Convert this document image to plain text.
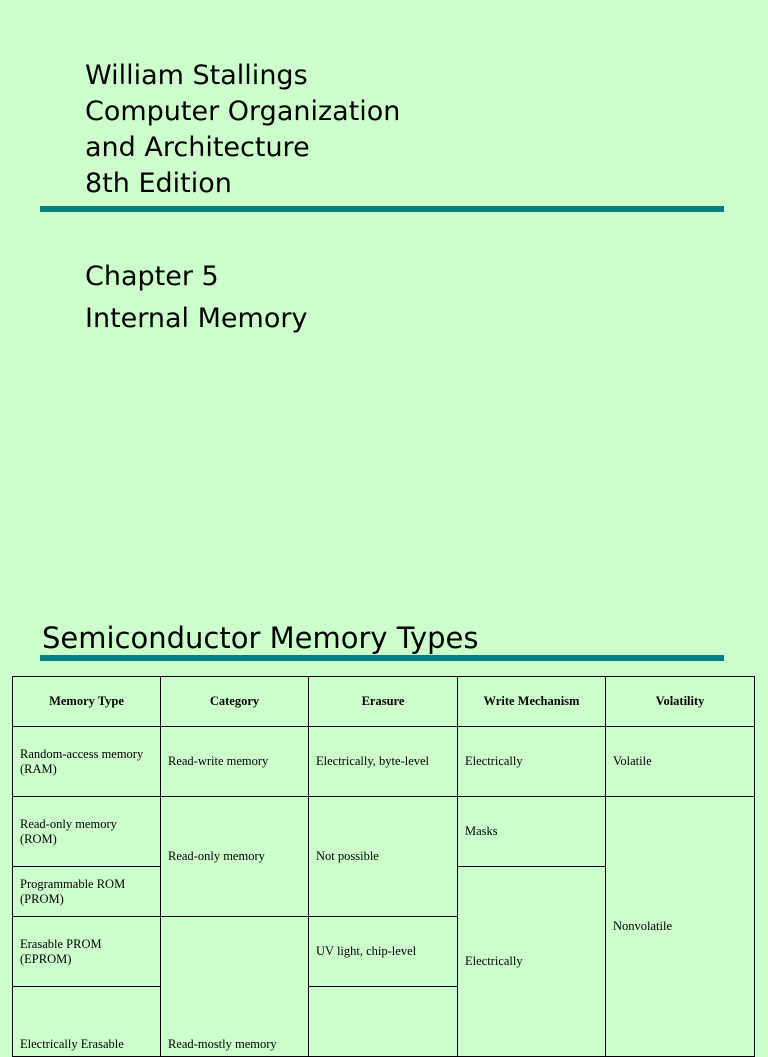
William Stallings
Computer Organization
and Architecture
8th Edition
Chapter 5
Internal Memory
Semiconductor Memory Types
Memory Type	Category	Erasure	Write Mechanism	Volatility
Random-access memory (RAM)	Read-write memory	Electrically, byte-level	Electrically	Volatile
Read-only memory (ROM)	Read-only memory	Not possible	Masks	Nonvolatile
Programmable ROM (PROM)			Electrically	
Erasable PROM (EPROM)	Read-mostly memory	UV light, chip-level		

Electrically Erasable				
